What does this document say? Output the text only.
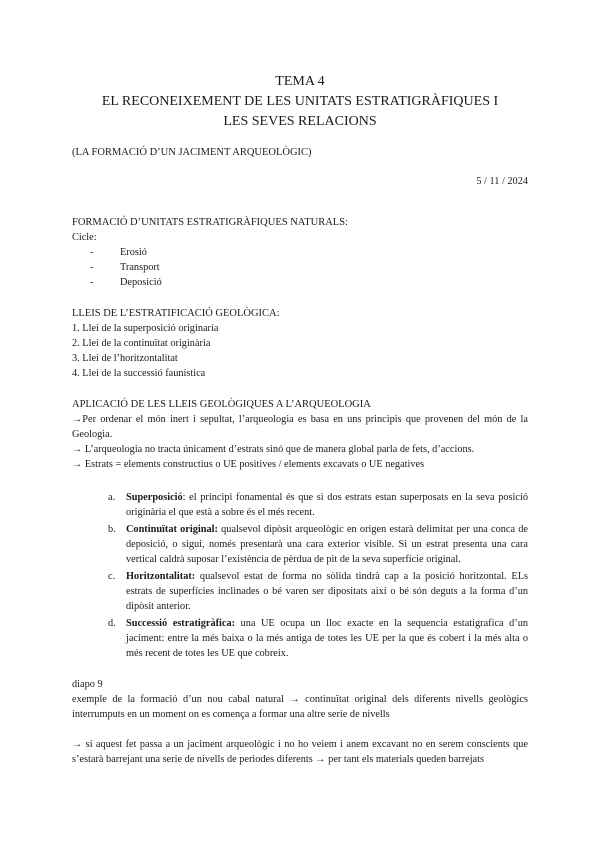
TEMA 4
EL RECONEIXEMENT DE LES UNITATS ESTRATIGRÀFIQUES I
LES SEVES RELACIONS
(LA FORMACIÓ D’UN JACIMENT ARQUEOLÒGIC)
5 / 11 / 2024
FORMACIÓ D’UNITATS ESTRATIGRÀFIQUES NATURALS:
Cicle:
-	Erosió
-	Transport
-	Deposició
LLEIS DE L’ESTRATIFICACIÓ GEOLÒGICA:
1. Llei de la superposició originaria
2. Llei de la continuïtat originària
3. Llei de l’horitzontalitat
4. Llei de la successió faunística
APLICACIÓ DE LES LLEIS GEOLÒGIQUES A L’ARQUEOLOGIA
→Per ordenar el món inert i sepultat, l’arqueologia es basa en uns principis que provenen del món de la Geologia.
→ L’arqueologia no tracta únicament d’estrats sinó que de manera global parla de fets, d’accions.
→ Estrats = elements constructius o UE positives / elements excavats o UE negatives
a. Superposició: el principi fonamental és que si dos estrats estan superposats en la seva posició originària el que està a sobre és el més recent.
b. Continuïtat original: qualsevol dipòsit arqueològic en origen estarà delimitat per una conca de deposició, o sigui, només presentarà una cara exterior visible. Si un estrat presenta una cara vertical caldrà suposar l’existència de pèrdua de pit de la seva superfície original.
c. Horitzontalitat: qualsevol estat de forma no sòlida tindrà cap a la posició horitzontal. ELs estrats de superfícies inclinades o bé varen ser dipositats així o bé són deguts a la forma d’un dipòsit anterior.
d. Successió estratigràfica: una UE ocupa un lloc exacte en la sequencia estatigrafica d’un jaciment: entre la més baixa o la més antiga de totes les UE per la que és cobert i la més alta o més recent de totes les UE que cobreix.
diapo 9
exemple de la formació d’un nou cabal natural → continuïtat original dels diferents nivells geològics interrumputs en un moment on es comença a formar una altre serie de nivells
→ si aquest fet passa a un jaciment arqueològic i no ho veiem i anem excavant no en serem conscients que s’estarà barrejant una serie de nivells de periodes diferents → per tant els materials queden barrejats
